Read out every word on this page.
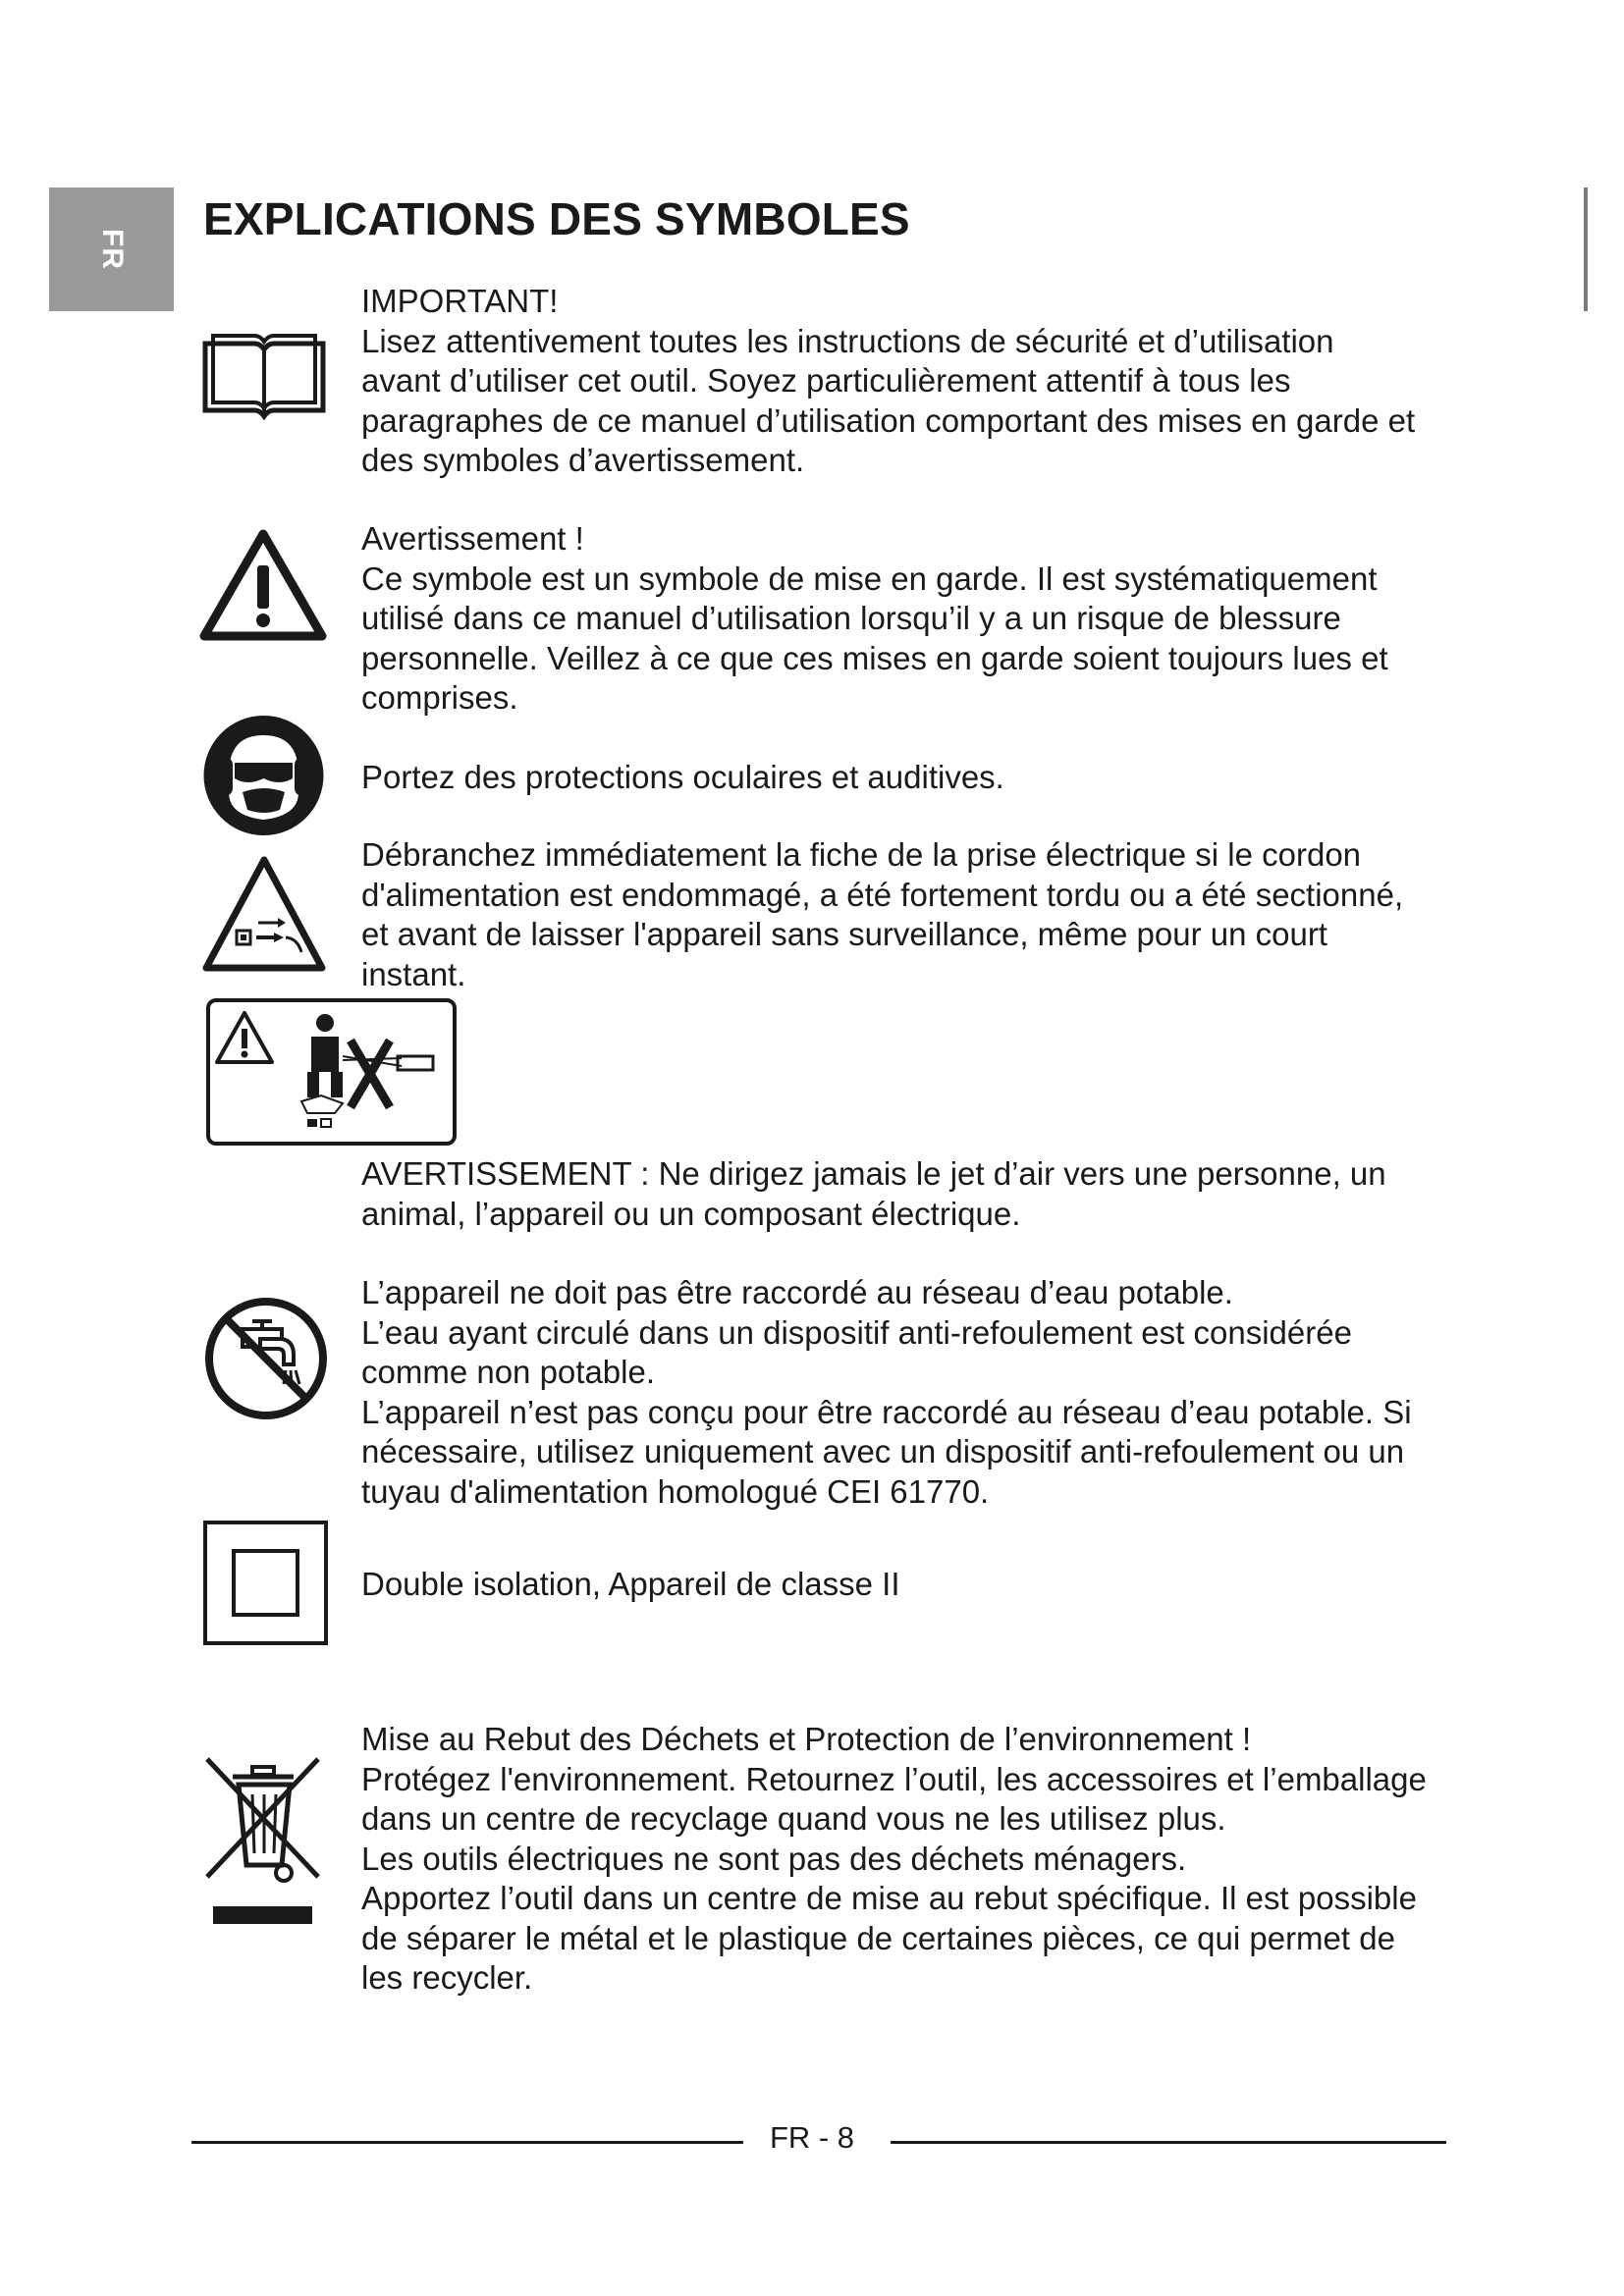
FR
EXPLICATIONS DES SYMBOLES
IMPORTANT!
Lisez attentivement toutes les instructions de sécurité et d’utilisation
avant d’utiliser cet outil. Soyez particulièrement attentif à tous les
paragraphes de ce manuel d’utilisation comportant des mises en garde et
des symboles d’avertissement.
Avertissement !
Ce symbole est un symbole de mise en garde. Il est systématiquement
utilisé dans ce manuel d’utilisation lorsqu’il y a un risque de blessure
personnelle. Veillez à ce que ces mises en garde soient toujours lues et
comprises.
Portez des protections oculaires et auditives.
Débranchez immédiatement la fiche de la prise électrique si le cordon
d'alimentation est endommagé, a été fortement tordu ou a été sectionné,
et avant de laisser l'appareil sans surveillance, même pour un court
instant.
AVERTISSEMENT : Ne dirigez jamais le jet d’air vers une personne, un
animal, l’appareil ou un composant électrique.
L’appareil ne doit pas être raccordé au réseau d’eau potable.
L’eau ayant circulé dans un dispositif anti-refoulement est considérée
comme non potable.
L’appareil n’est pas conçu pour être raccordé au réseau d’eau potable. Si
nécessaire, utilisez uniquement avec un dispositif anti-refoulement ou un
tuyau d'alimentation homologué CEI 61770.
Double isolation, Appareil de classe II
Mise au Rebut des Déchets et Protection de l’environnement !
Protégez l'environnement. Retournez l’outil, les accessoires et l’emballage
dans un centre de recyclage quand vous ne les utilisez plus.
Les outils électriques ne sont pas des déchets ménagers.
Apportez l’outil dans un centre de mise au rebut spécifique. Il est possible
de séparer le métal et le plastique de certaines pièces, ce qui permet de
les recycler.
FR - 8
